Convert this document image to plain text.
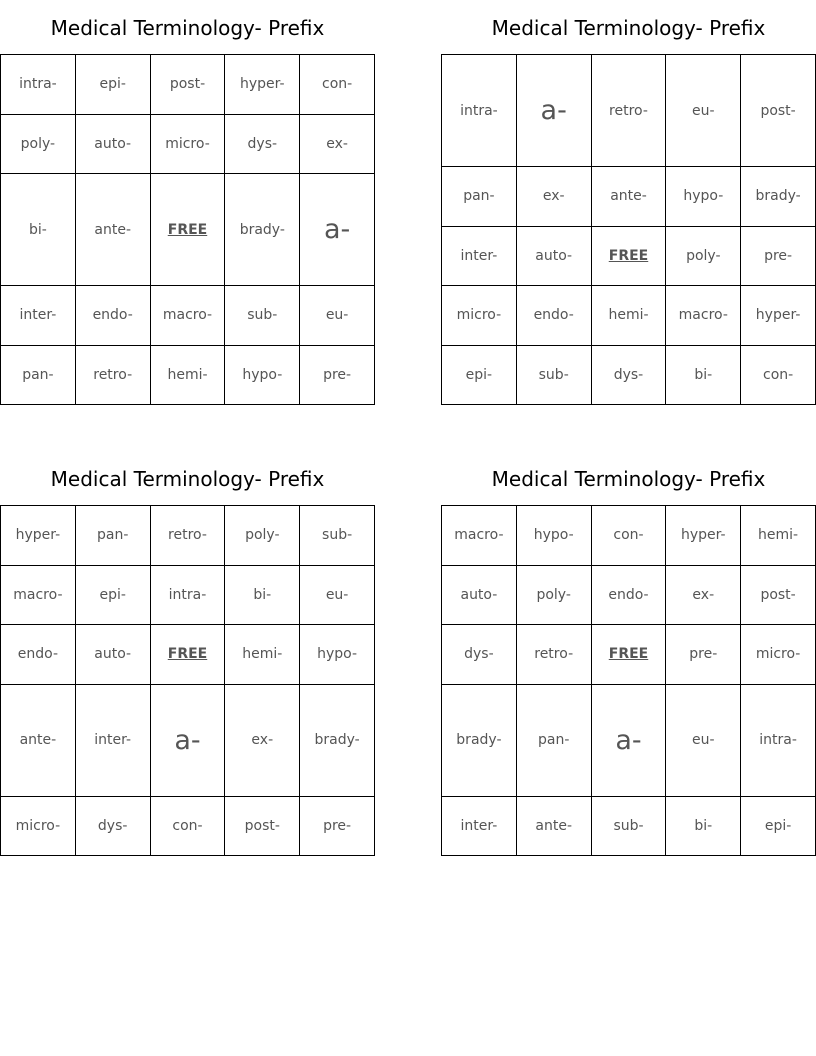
Medical Terminology- Prefix
intra-	epi-	post-	hyper-	con-
poly-	auto-	micro-	dys-	ex-
bi-	ante-	FREE	brady-	a-
inter-	endo-	macro-	sub-	eu-
pan-	retro-	hemi-	hypo-	pre-
Medical Terminology- Prefix
intra-	a-	retro-	eu-	post-
pan-	ex-	ante-	hypo-	brady-
inter-	auto-	FREE	poly-	pre-
micro-	endo-	hemi-	macro-	hyper-
epi-	sub-	dys-	bi-	con-
Medical Terminology- Prefix
hyper-	pan-	retro-	poly-	sub-
macro-	epi-	intra-	bi-	eu-
endo-	auto-	FREE	hemi-	hypo-
ante-	inter-	a-	ex-	brady-
micro-	dys-	con-	post-	pre-
Medical Terminology- Prefix
macro-	hypo-	con-	hyper-	hemi-
auto-	poly-	endo-	ex-	post-
dys-	retro-	FREE	pre-	micro-
brady-	pan-	a-	eu-	intra-
inter-	ante-	sub-	bi-	epi-
